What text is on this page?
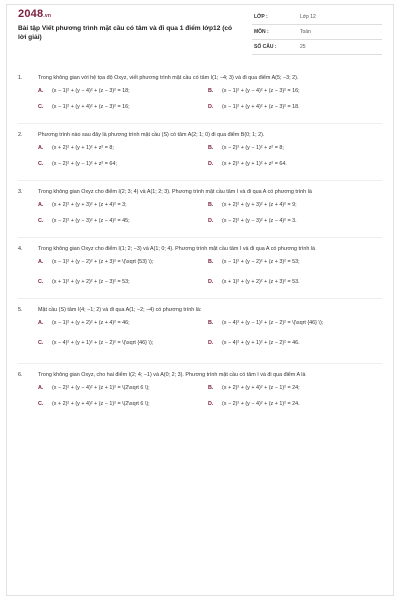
2048.vn
Bài tập Viết phương trình mặt cầu có tâm và đi qua 1 điểm lớp12 (có lời giải)
LỚP :	Lớp 12
MÔN :	Toán
SỐ CÂU :	25
1.	Trong không gian với hệ tọa độ Oxyz, viết phương trình mặt cầu có tâm I(1; −4; 3) và đi qua điểm A(5; −3; 2).
A. (x − 1)² + (y − 4)² + (z − 3)² = 18;	B. (x − 1)² + (y − 4)² + (z − 3)² = 16;
C. (x − 1)² + (y + 4)² + (z − 3)² = 16;	D. (x − 1)² + (y + 4)² + (z − 3)² = 18.
2.	Phương trình nào sau đây là phương trình mặt cầu (S) có tâm A(2; 1; 0) đi qua điểm B(0; 1; 2).
A. (x + 2)² + (y + 1)² + z² = 8;	B. (x − 2)² + (y − 1)² + z² = 8;
C. (x − 2)² + (y − 1)² + z² = 64;	D. (x + 2)² + (y + 1)² + z² = 64.
3.	Trong không gian Oxyz cho điểm I(2; 3; 4) và A(1; 2; 3). Phương trình mặt cầu tâm I và đi qua A có phương trình là
A. (x + 2)² + (y + 3)² + (z + 4)² = 3;	B. (x + 2)² + (y + 3)² + (z + 4)² = 9;
C. (x − 2)² + (y − 3)² + (z − 4)² = 45;	D. (x − 2)² + (y − 3)² + (z − 4)² = 3.
4.	Trong không gian Oxyz cho điểm I(1; 2; −3) và A(1; 0; 4). Phương trình mặt cầu tâm I và đi qua A có phương trình là
A. (x − 1)² + (y − 2)² + (z + 3)² = \(\sqrt {53} \);	B. (x − 1)² + (y − 2)² + (z + 3)² = 53;
C. (x + 1)² + (y + 2)² + (z − 3)² = 53;	D. (x + 1)² + (y + 2)² + (z + 3)² = 53.
5.	Mặt cầu (S) tâm I(4; −1; 2) và đi qua A(1; −2; −4) có phương trình là:
A. (x − 1)² + (y + 2)² + (z + 4)² = 46;	B. (x − 4)² + (y − 1)² + (z − 2)² = \(\sqrt {46} \);
C. (x − 4)² + (y + 1)² + (z − 2)² = \(\sqrt {46} \);	D. (x − 4)² + (y + 1)² + (z − 2)² = 46.
6.	Trong không gian Oxyz, cho hai điểm I(2; 4; −1) và A(0; 2; 3). Phương trình mặt cầu có tâm I và đi qua điểm A là
A. (x − 2)² + (y − 4)² + (z + 1)² = \(2\sqrt 6 \);	B. (x + 2)² + (y + 4)² + (z − 1)² = 24;
C. (x + 2)² + (y + 4)² + (z − 1)² = \(2\sqrt 6 \);	D. (x − 2)² + (y − 4)² + (z + 1)² = 24.
